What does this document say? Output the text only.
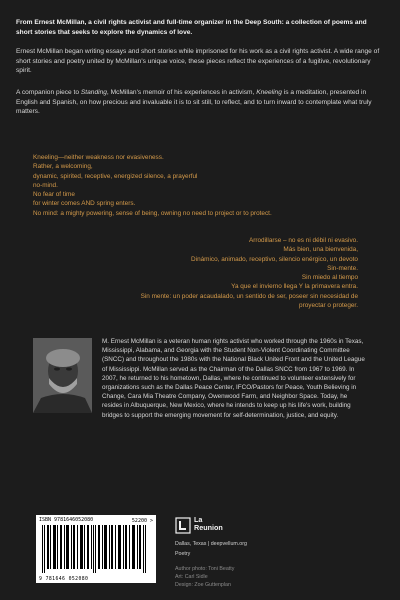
From Ernest McMillan, a civil rights activist and full-time organizer in the Deep South: a collection of poems and short stories that seeks to explore the dynamics of love.

Ernest McMillan began writing essays and short stories while imprisoned for his work as a civil rights activist. A wide range of short stories and poetry united by McMillan's unique voice, these pieces reflect the experiences of a fugitive, revolutionary spirit.

A companion piece to Standing, McMillan's memoir of his experiences in activism, Kneeling is a meditation, presented in English and Spanish, on how precious and invaluable it is to sit still, to reflect, and to turn inward to contemplate what truly matters.

Kneeling—neither weakness nor evasiveness.
Rather, a welcoming,
dynamic, spirited, receptive, energized silence, a prayerful
no-mind.
No fear of time
for winter comes AND spring enters.
No mind: a mighty powering, sense of being, owning no need to project or to protect.
Arrodillarse – no es ni débil ni evasivo.
Más bien, una bienvenida,
Dinámico, animado, receptivo, silencio enérgico, un devoto
Sin-mente.
Sin miedo al tiempo
Ya que el invierno llega Y la primavera entra.
Sin mente: un poder acaudalado, un sentido de ser, poseer sin necesidad de
proyectar o proteger.

M. Ernest McMillan is a veteran human rights activist who worked through the 1960s in Texas, Mississippi, Alabama, and Georgia with the Student Non-Violent Coordinating Committee (SNCC) and throughout the 1980s with the National Black United Front and the United League of Mississippi. McMillan served as the Chairman of the Dallas SNCC from 1967 to 1969. In 2007, he returned to his hometown, Dallas, where he continued to volunteer extensively for organizations such as the Dallas Peace Center, IFCO/Pastors for Peace, Youth Believing in Change, Cara Mia Theatre Company, Owenwood Farm, and Neighbor Space. Today, he resides in Albuquerque, New Mexico, where he intends to keep up his life's work, building bridges to support the emerging movement for self-determination, justice, and equity.

ISBN 9781646052080	52200 >
9 781646 052080
La
Reunion
Dallas, Texas | deepvellum.org
Poetry
Author photo: Toni Beatty
Art: Carl Sidle
Design: Zoe Guttenplan
